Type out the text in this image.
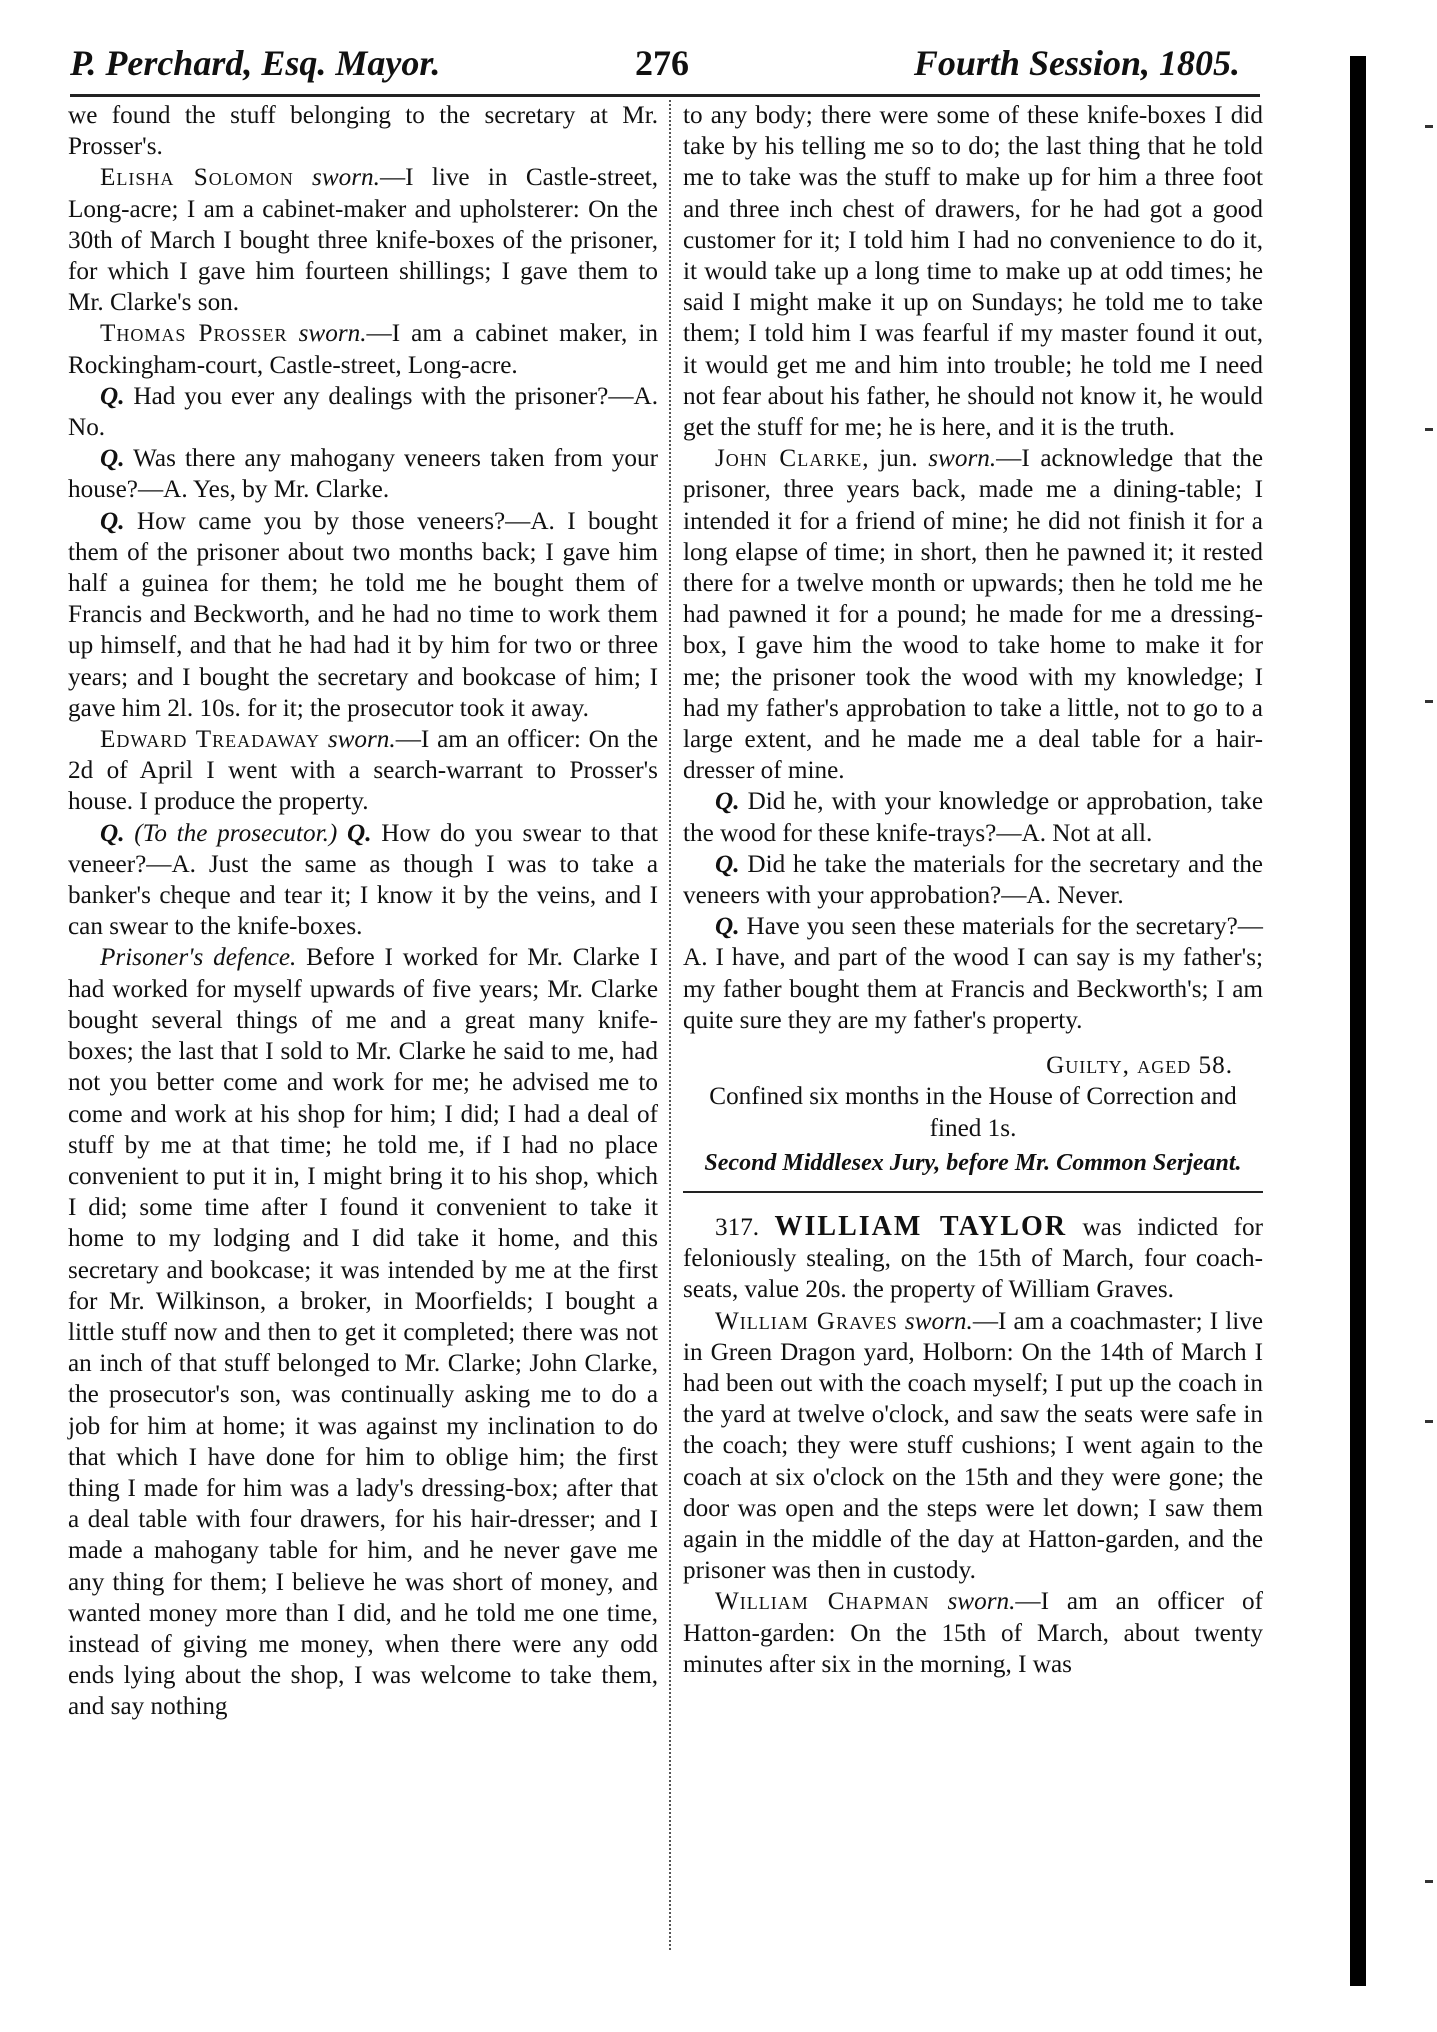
P. Perchard, Esq. Mayor.	276	Fourth Session, 1805.

we found the stuff belonging to the secretary at Mr. Prosser's.

Elisha Solomon sworn.—I live in Castle-street, Long-acre; I am a cabinet-maker and upholsterer: On the 30th of March I bought three knife-boxes of the prisoner, for which I gave him fourteen shillings; I gave them to Mr. Clarke's son.

Thomas Prosser sworn.—I am a cabinet maker, in Rockingham-court, Castle-street, Long-acre.

Q. Had you ever any dealings with the prisoner?—A. No.

Q. Was there any mahogany veneers taken from your house?—A. Yes, by Mr. Clarke.

Q. How came you by those veneers?—A. I bought them of the prisoner about two months back; I gave him half a guinea for them; he told me he bought them of Francis and Beckworth, and he had no time to work them up himself, and that he had had it by him for two or three years; and I bought the secretary and bookcase of him; I gave him 2l. 10s. for it; the prosecutor took it away.

Edward Treadaway sworn.—I am an officer: On the 2d of April I went with a search-warrant to Prosser's house. I produce the property.

Q. (To the prosecutor.) Q. How do you swear to that veneer?—A. Just the same as though I was to take a banker's cheque and tear it; I know it by the veins, and I can swear to the knife-boxes.

Prisoner's defence. Before I worked for Mr. Clarke I had worked for myself upwards of five years; Mr. Clarke bought several things of me and a great many knife-boxes; the last that I sold to Mr. Clarke he said to me, had not you better come and work for me; he advised me to come and work at his shop for him; I did; I had a deal of stuff by me at that time; he told me, if I had no place convenient to put it in, I might bring it to his shop, which I did; some time after I found it convenient to take it home to my lodging and I did take it home, and this secretary and bookcase; it was intended by me at the first for Mr. Wilkinson, a broker, in Moorfields; I bought a little stuff now and then to get it completed; there was not an inch of that stuff belonged to Mr. Clarke; John Clarke, the prosecutor's son, was continually asking me to do a job for him at home; it was against my inclination to do that which I have done for him to oblige him; the first thing I made for him was a lady's dressing-box; after that a deal table with four drawers, for his hair-dresser; and I made a mahogany table for him, and he never gave me any thing for them; I believe he was short of money, and wanted money more than I did, and he told me one time, instead of giving me money, when there were any odd ends lying about the shop, I was welcome to take them, and say nothing

to any body; there were some of these knife-boxes I did take by his telling me so to do; the last thing that he told me to take was the stuff to make up for him a three foot and three inch chest of drawers, for he had got a good customer for it; I told him I had no convenience to do it, it would take up a long time to make up at odd times; he said I might make it up on Sundays; he told me to take them; I told him I was fearful if my master found it out, it would get me and him into trouble; he told me I need not fear about his father, he should not know it, he would get the stuff for me; he is here, and it is the truth.

John Clarke, jun. sworn.—I acknowledge that the prisoner, three years back, made me a dining-table; I intended it for a friend of mine; he did not finish it for a long elapse of time; in short, then he pawned it; it rested there for a twelve month or upwards; then he told me he had pawned it for a pound; he made for me a dressing-box, I gave him the wood to take home to make it for me; the prisoner took the wood with my knowledge; I had my father's approbation to take a little, not to go to a large extent, and he made me a deal table for a hair-dresser of mine.

Q. Did he, with your knowledge or approbation, take the wood for these knife-trays?—A. Not at all.

Q. Did he take the materials for the secretary and the veneers with your approbation?—A. Never.

Q. Have you seen these materials for the secretary?—A. I have, and part of the wood I can say is my father's; my father bought them at Francis and Beckworth's; I am quite sure they are my father's property.

Guilty, aged 58.

Confined six months in the House of Correction and fined 1s.

Second Middlesex Jury, before Mr. Common Serjeant.

317. WILLIAM TAYLOR was indicted for feloniously stealing, on the 15th of March, four coach-seats, value 20s. the property of William Graves.

William Graves sworn.—I am a coachmaster; I live in Green Dragon yard, Holborn: On the 14th of March I had been out with the coach myself; I put up the coach in the yard at twelve o'clock, and saw the seats were safe in the coach; they were stuff cushions; I went again to the coach at six o'clock on the 15th and they were gone; the door was open and the steps were let down; I saw them again in the middle of the day at Hatton-garden, and the prisoner was then in custody.

William Chapman sworn.—I am an officer of Hatton-garden: On the 15th of March, about twenty minutes after six in the morning, I was
